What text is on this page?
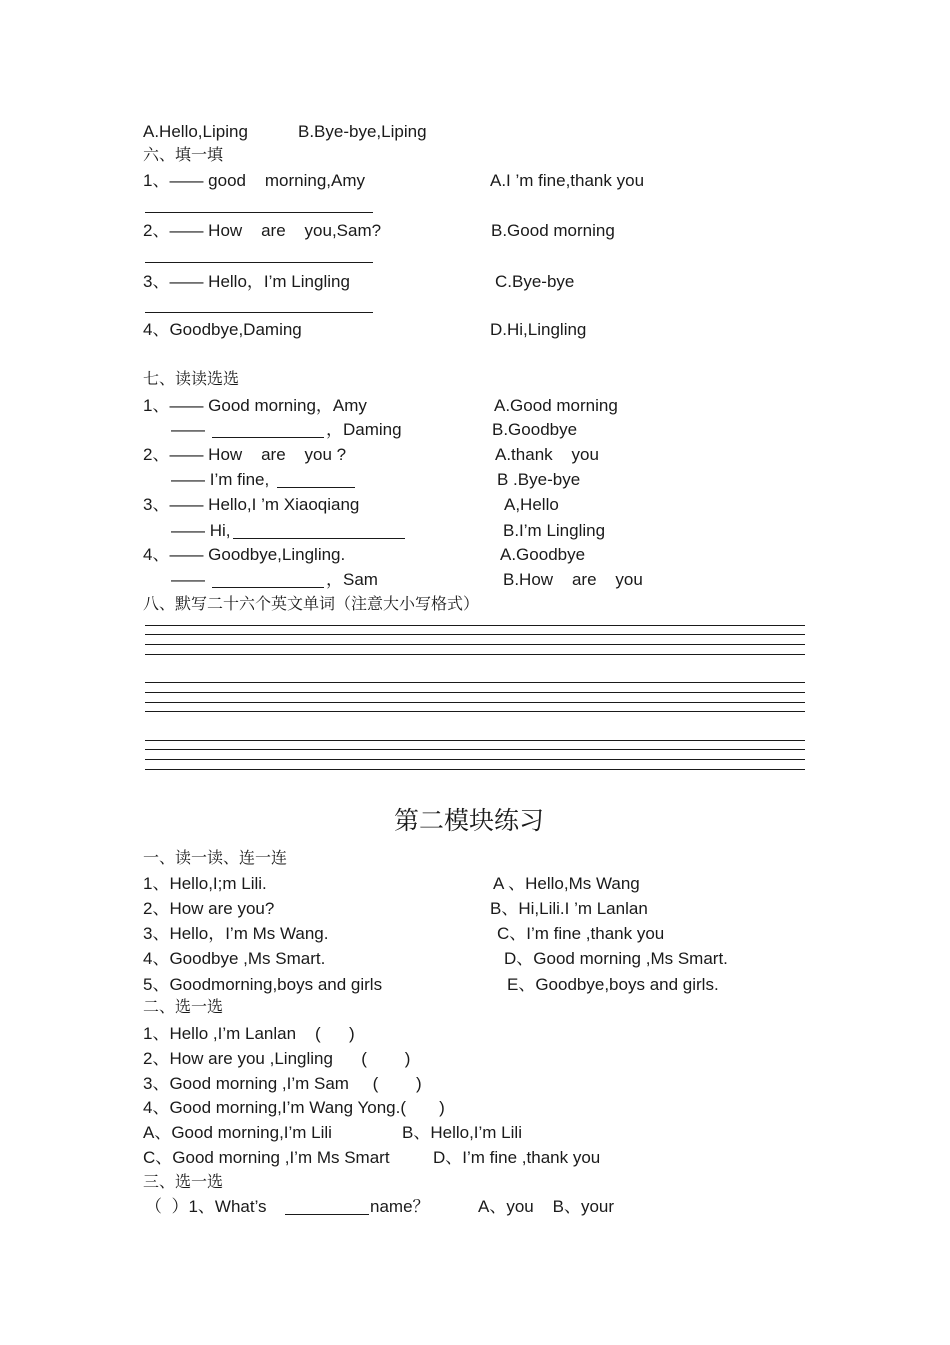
A.Hello,Liping	B.Bye-bye,Liping
六、填一填
1、—— good    morning,Amy	A.I ’m fine,thank you
2、—— How    are    you,Sam?	B.Good morning
3、—— Hello，I’m Lingling	C.Bye-bye
4、Goodbye,Daming	D.Hi,Lingling
七、读读选选
1、—— Good morning，Amy	A.Good morning
——	，Daming	B.Goodbye
2、—— How    are    you ?	A.thank    you
—— I’m fine,	B .Bye-bye
3、—— Hello,I ’m Xiaoqiang	A,Hello
—— Hi,	B.I’m Lingling
4、—— Goodbye,Lingling.	A.Goodbye
——	，Sam	B.How    are    you
八、默写二十六个英文单词（注意大小写格式）
第二模块练习
一、读一读、连一连
1、Hello,I;m Lili.	A 、Hello,Ms Wang
2、How are you?	B、Hi,Lili.I ’m Lanlan
3、Hello，I’m Ms Wang.	C、I’m fine ,thank you
4、Goodbye ,Ms Smart.	D、Good morning ,Ms Smart.
5、Goodmorning,boys and girls	E、Goodbye,boys and girls.
二、选一选
1、Hello ,I’m Lanlan    (      )
2、How are you ,Lingling      (        )
3、Good morning ,I’m Sam     (        )
4、Good morning,I’m Wang Yong.(       )
A、Good morning,I’m Lili	B、Hello,I’m Lili
C、Good morning ,I’m Ms Smart	D、I’m fine ,thank you
三、选一选
（  ）1、What’s	name？	A、you    B、your
